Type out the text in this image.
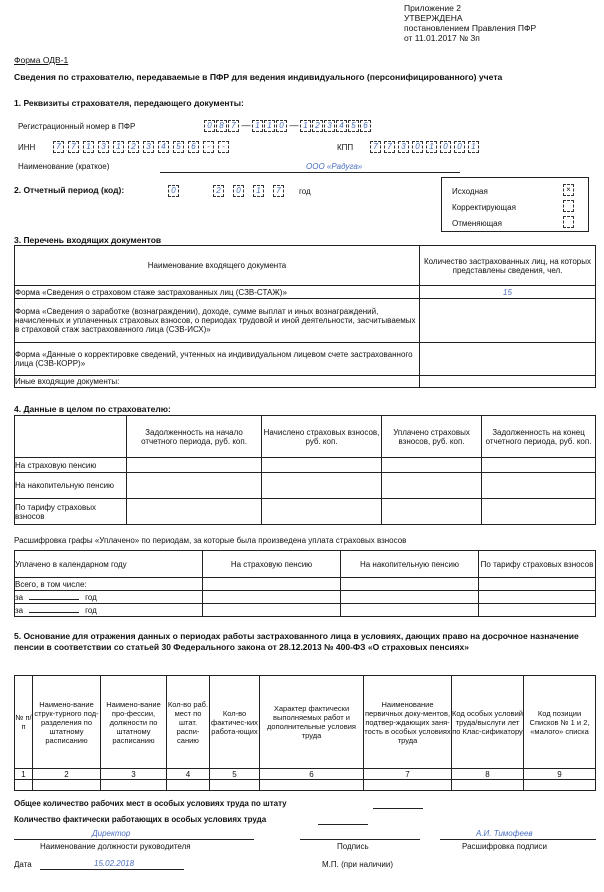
Приложение 2
УТВЕРЖДЕНА
постановлением Правления ПФР
от 11.01.2017 № 3п
Форма ОДВ-1
Сведения по страхователю, передаваемые в ПФР для ведения индивидуального (персонифицированного) учета
1. Реквизиты страхователя, передающего документы:
Регистрационный номер в ПФР	0 8 7 — 1 1 0 — 1 2 3 4 5 6
ИНН	7	7	1	3	1	2	3	4	5	6	-	-	КПП	7	7	3	0	1	0	0	1
Наименование (краткое)	ООО «Радуга»
2. Отчетный период (код):	0	2	0	1	7	год	Исходная	×
Корректирующая
Отменяющая
3. Перечень входящих документов
Наименование входящего документа	Количество застрахованных лиц, на которых представлены сведения, чел.
Форма «Сведения о страховом стаже застрахованных лиц (СЗВ-СТАЖ)»	15
Форма «Сведения о заработке (вознаграждении), доходе, сумме выплат и иных вознаграждений, начисленных и уплаченных страховых взносов, о периодах трудовой и иной деятельности, засчитываемых в страховой стаж застрахованного лица (СЗВ-ИСХ)»	
Форма «Данные о корректировке сведений, учтенных на индивидуальном лицевом счете застрахованного лица (СЗВ-КОРР)»	
Иные входящие документы:	
4. Данные в целом по страхователю:
	Задолженность на начало отчетного периода, руб. коп.	Начислено страховых взносов, руб. коп.	Уплачено страховых взносов, руб. коп.	Задолженность на конец отчетного периода, руб. коп.
На страховую пенсию				
На накопительную пенсию				
По тарифу страховых взносов				
Расшифровка графы «Уплачено» по периодам, за которые была произведена уплата страховых взносов
Уплачено в календарном году	На страховую пенсию	На накопительную пенсию	По тарифу страховых взносов
Всего, в том числе:			
за год			
за год			
5. Основание для отражения данных о периодах работы застрахованного лица в условиях, дающих право на досрочное назначение пенсии в соответствии со статьей 30 Федерального закона от 28.12.2013 № 400-ФЗ «О страховых пенсиях»
№ п/п	Наимено-вание струк-турного под-разделения по штатному расписанию	Наимено-вание про-фессии, должности по штатному расписанию	Кол-во раб. мест по штат. распи-санию	Кол-во фактичес-ких работа-ющих	Характер фактически выполняемых работ и дополнительные условия труда	Наименование первичных доку-ментов, подтвер-ждающих заня-тость в особых условиях труда	Код особых условий труда/выслуги лет по Клас-сификатору	Код позиции Списков № 1 и 2, «малого» списка
1	2	3	4	5	6	7	8	9

Общее количество рабочих мест в особых условиях труда по штату
Количество фактически работающих в особых условиях труда
Директор
Наименование должности руководителя	Подпись
А.И. Тимофеев
Расшифровка подписи
Дата	15.02.2018	М.П. (при наличии)
